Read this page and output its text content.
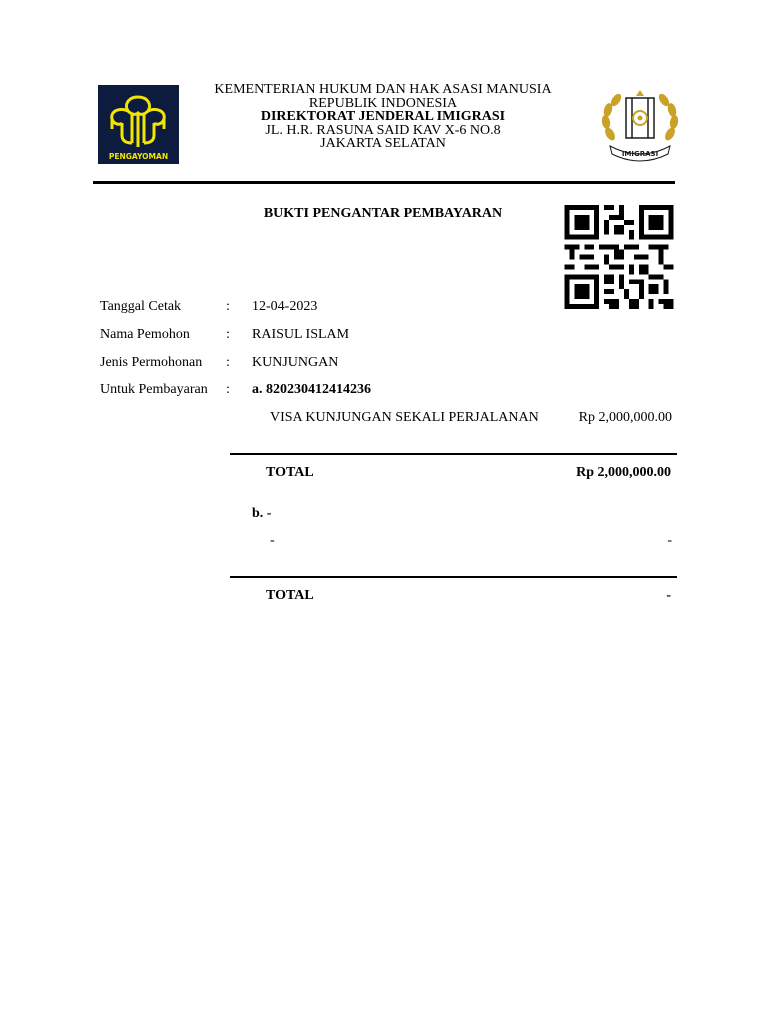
PENGAYOMAN
KEMENTERIAN HUKUM DAN HAK ASASI MANUSIA
REPUBLIK INDONESIA
DIREKTORAT JENDERAL IMIGRASI
JL. H.R. RASUNA SAID KAV X-6 NO.8
JAKARTA SELATAN
IMIGRASI
BUKTI PENGANTAR PEMBAYARAN
Tanggal Cetak	: 12-04-2023
Nama Pemohon	: RAISUL ISLAM
Jenis Permohonan : KUNJUNGAN
Untuk Pembayaran : a. 820230412414236
VISA KUNJUNGAN SEKALI PERJALANAN	Rp 2,000,000.00
TOTAL	Rp 2,000,000.00
b. -
-	-
TOTAL	-
